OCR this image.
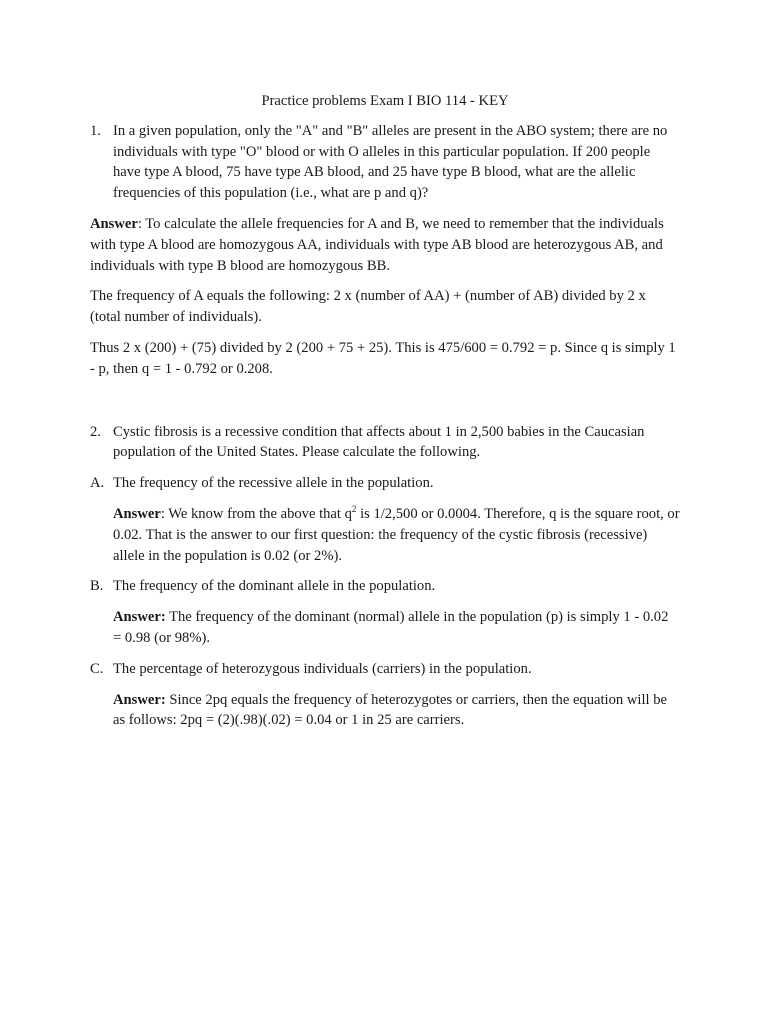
Practice problems Exam I BIO 114 - KEY

1. In a given population, only the "A" and "B" alleles are present in the ABO system; there are no individuals with type "O" blood or with O alleles in this particular population. If 200 people have type A blood, 75 have type AB blood, and 25 have type B blood, what are the allelic frequencies of this population (i.e., what are p and q)?

Answer: To calculate the allele frequencies for A and B, we need to remember that the individuals with type A blood are homozygous AA, individuals with type AB blood are heterozygous AB, and individuals with type B blood are homozygous BB.

The frequency of A equals the following: 2 x (number of AA) + (number of AB) divided by 2 x (total number of individuals).

Thus 2 x (200) + (75) divided by 2 (200 + 75 + 25). This is 475/600 = 0.792 = p. Since q is simply 1 - p, then q = 1 - 0.792 or 0.208.

2. Cystic fibrosis is a recessive condition that affects about 1 in 2,500 babies in the Caucasian population of the United States. Please calculate the following.
A. The frequency of the recessive allele in the population.

Answer: We know from the above that $q^2$ is 1/2,500 or 0.0004. Therefore, q is the square root, or 0.02. That is the answer to our first question: the frequency of the cystic fibrosis (recessive) allele in the population is 0.02 (or 2%).

B. The frequency of the dominant allele in the population.

Answer: The frequency of the dominant (normal) allele in the population (p) is simply 1 - 0.02 = 0.98 (or 98%).

C. The percentage of heterozygous individuals (carriers) in the population.

Answer: Since 2pq equals the frequency of heterozygotes or carriers, then the equation will be as follows: 2pq = (2)(.98)(.02) = 0.04 or 1 in 25 are carriers.
